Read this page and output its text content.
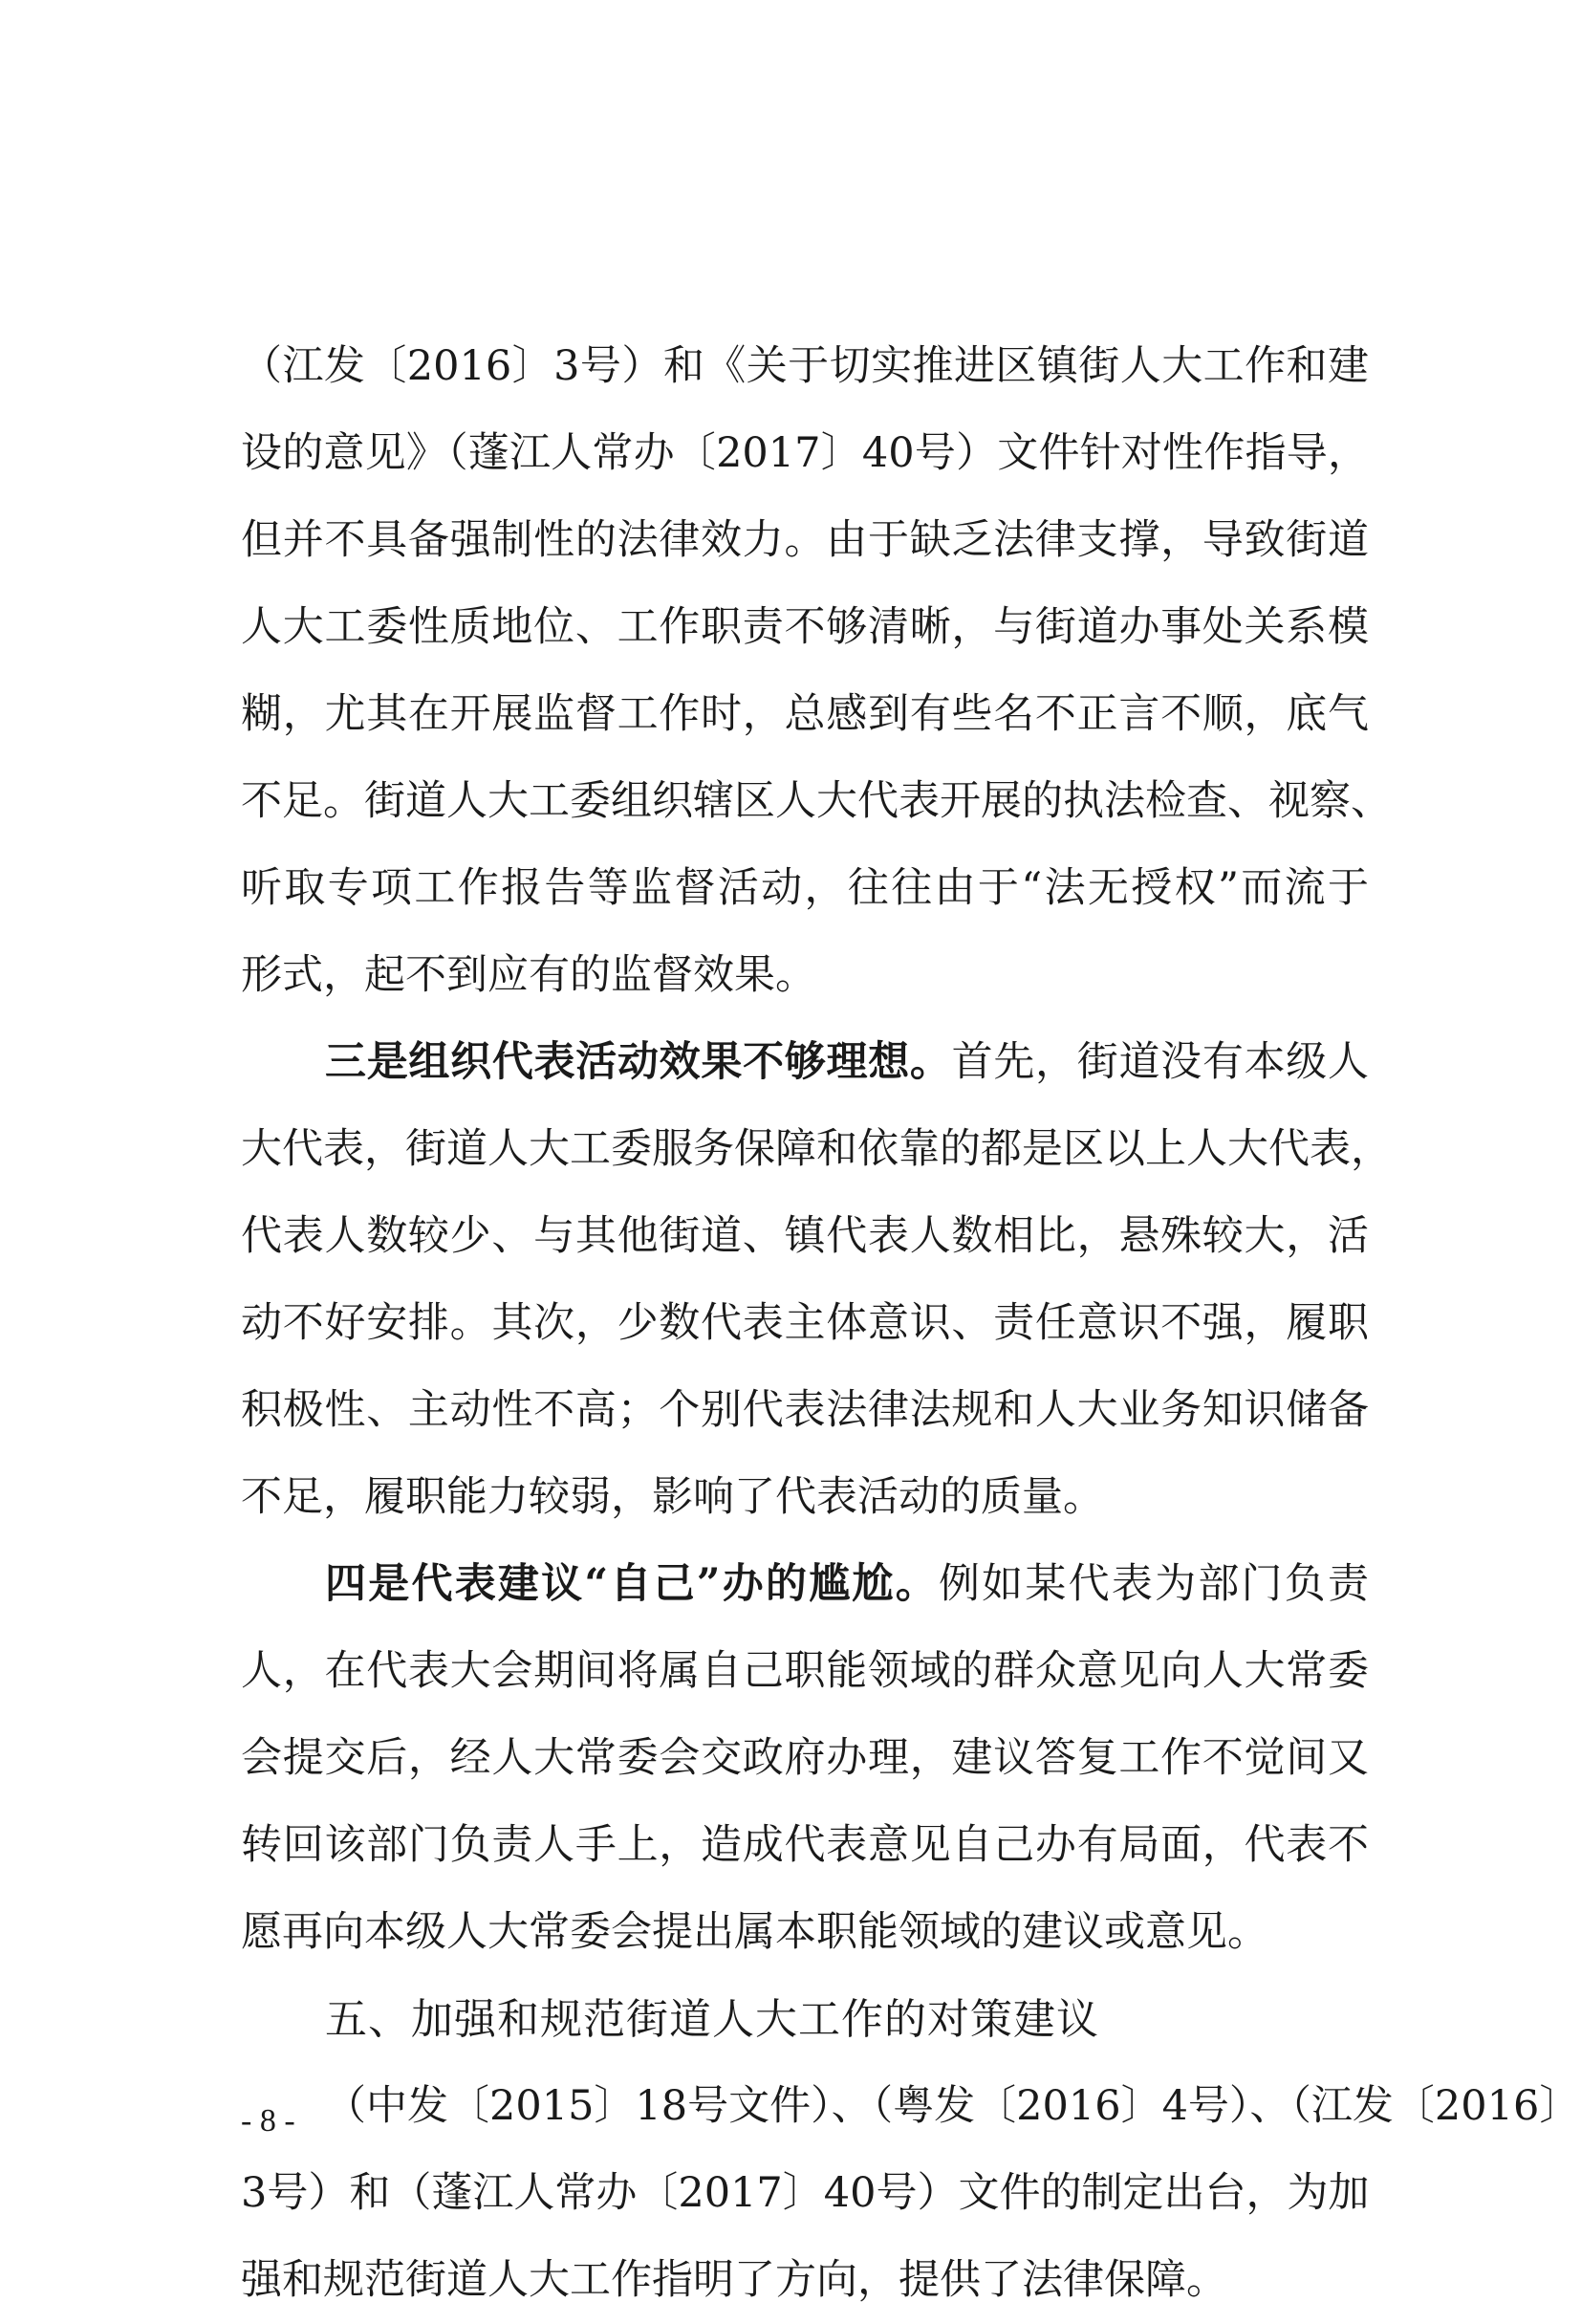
（江发〔2016〕3号）和《关于切实推进区镇街人大工作和建
设的意见》（蓬江人常办〔2017〕40号）文件针对性作指导，
但并不具备强制性的法律效力。由于缺乏法律支撑，导致街道
人大工委性质地位、工作职责不够清晰，与街道办事处关系模
糊，尤其在开展监督工作时，总感到有些名不正言不顺，底气
不足。街道人大工委组织辖区人大代表开展的执法检查、视察、
听取专项工作报告等监督活动，往往由于“法无授权”而流于
形式，起不到应有的监督效果。
三是组织代表活动效果不够理想。首先，街道没有本级人
大代表，街道人大工委服务保障和依靠的都是区以上人大代表，
代表人数较少、与其他街道、镇代表人数相比，悬殊较大，活
动不好安排。其次，少数代表主体意识、责任意识不强，履职
积极性、主动性不高；个别代表法律法规和人大业务知识储备
不足，履职能力较弱，影响了代表活动的质量。
四是代表建议“自己”办的尴尬。例如某代表为部门负责
人，在代表大会期间将属自己职能领域的群众意见向人大常委
会提交后，经人大常委会交政府办理，建议答复工作不觉间又
转回该部门负责人手上，造成代表意见自己办有局面，代表不
愿再向本级人大常委会提出属本职能领域的建议或意见。
五、加强和规范街道人大工作的对策建议
（中发〔2015〕18号文件）、（粤发〔2016〕4号）、（江发〔2016〕
3号）和（蓬江人常办〔2017〕40号）文件的制定出台，为加
强和规范街道人大工作指明了方向，提供了法律保障。
- 8 -
